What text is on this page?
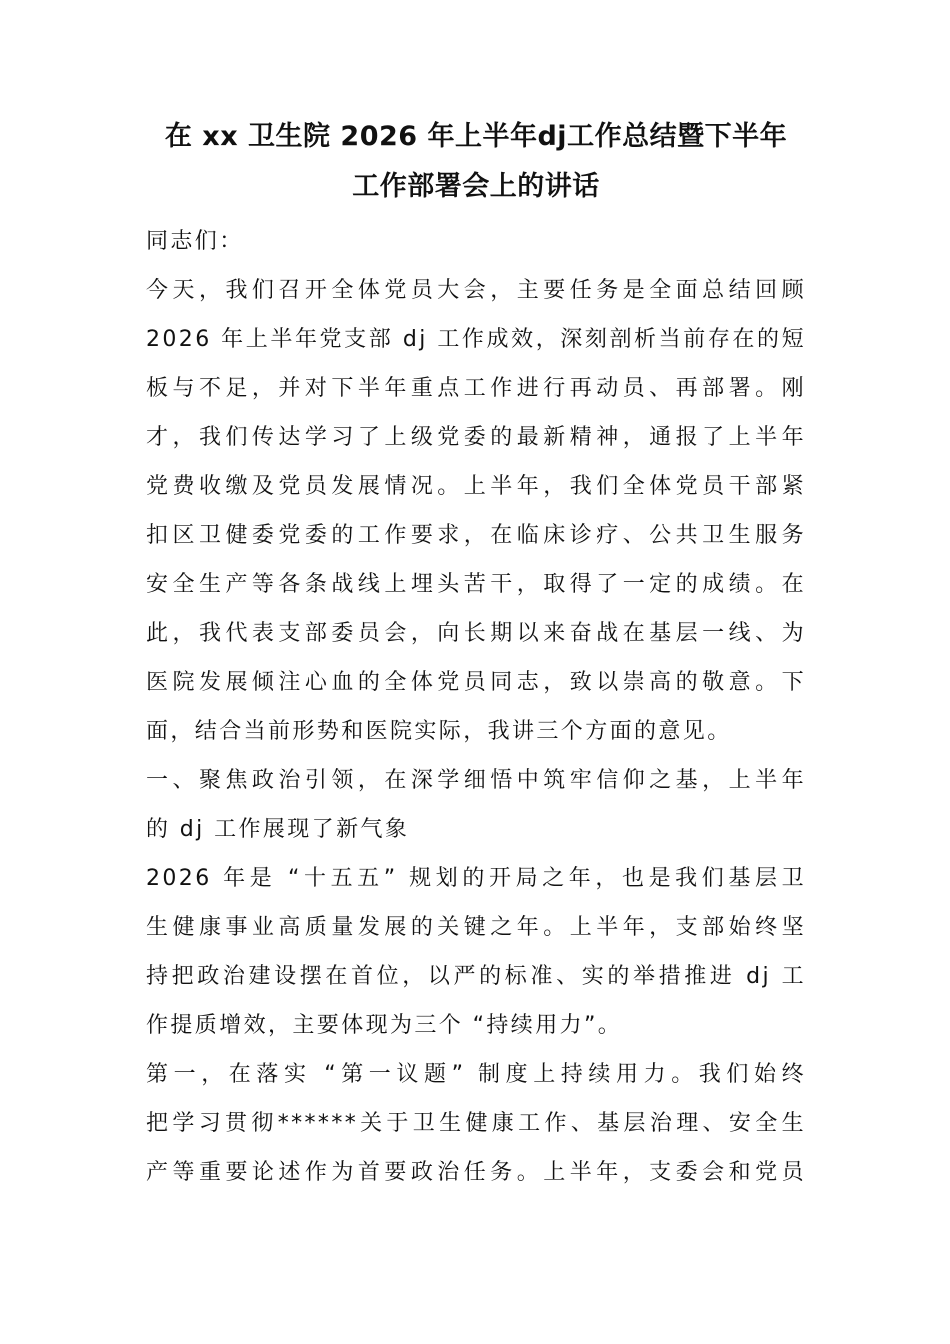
在 xx 卫生院 2026 年上半年dj工作总结暨下半年
工作部署会上的讲话
同志们：
今天，我们召开全体党员大会，主要任务是全面总结回顾
2026 年上半年党支部 dj 工作成效，深刻剖析当前存在的短
板与不足，并对下半年重点工作进行再动员、再部署。刚
才，我们传达学习了上级党委的最新精神，通报了上半年
党费收缴及党员发展情况。上半年，我们全体党员干部紧
扣区卫健委党委的工作要求，在临床诊疗、公共卫生服务
安全生产等各条战线上埋头苦干，取得了一定的成绩。在
此，我代表支部委员会，向长期以来奋战在基层一线、为
医院发展倾注心血的全体党员同志，致以崇高的敬意。下
面，结合当前形势和医院实际，我讲三个方面的意见。
一、聚焦政治引领，在深学细悟中筑牢信仰之基，上半年
的 dj 工作展现了新气象
2026 年是 “十五五” 规划的开局之年，也是我们基层卫
生健康事业高质量发展的关键之年。上半年，支部始终坚
持把政治建设摆在首位，以严的标准、实的举措推进 dj 工
作提质增效，主要体现为三个 “持续用力”。
第一，在落实 “第一议题” 制度上持续用力。我们始终
把学习贯彻******关于卫生健康工作、基层治理、安全生
产等重要论述作为首要政治任务。上半年，支委会和党员
